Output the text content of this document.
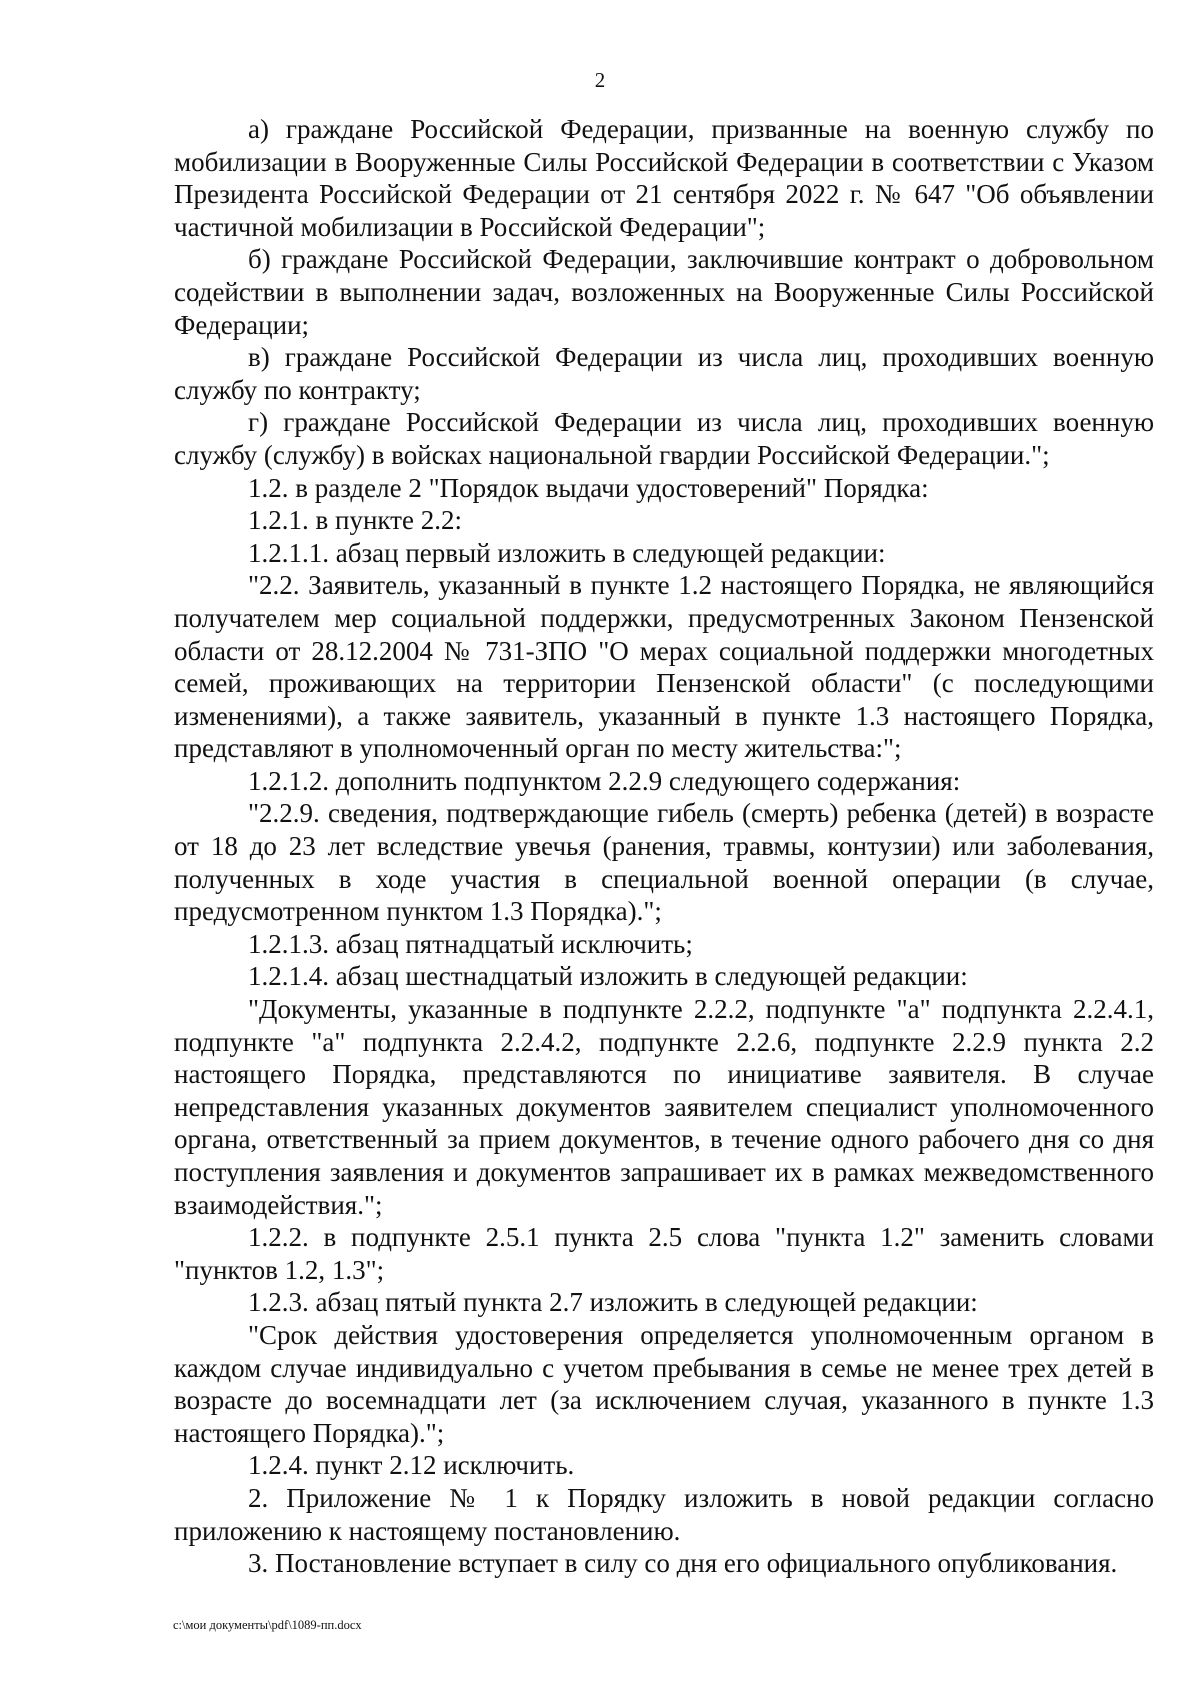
2

а) граждане Российской Федерации, призванные на военную службу по мобилизации в Вооруженные Силы Российской Федерации в соответствии с Указом Президента Российской Федерации от 21 сентября 2022 г. № 647 "Об объявлении частичной мобилизации в Российской Федерации";

б) граждане Российской Федерации, заключившие контракт о добровольном содействии в выполнении задач, возложенных на Вооруженные Силы Российской Федерации;

в) граждане Российской Федерации из числа лиц, проходивших военную службу по контракту;

г) граждане Российской Федерации из числа лиц, проходивших военную службу (службу) в войсках национальной гвардии Российской Федерации.";

1.2. в разделе 2 "Порядок выдачи удостоверений" Порядка:

1.2.1. в пункте 2.2:

1.2.1.1. абзац первый изложить в следующей редакции:

"2.2. Заявитель, указанный в пункте 1.2 настоящего Порядка, не являющийся получателем мер социальной поддержки, предусмотренных Законом Пензенской области от 28.12.2004 № 731-ЗПО "О мерах социальной поддержки многодетных семей, проживающих на территории Пензенской области" (с последующими изменениями), а также заявитель, указанный в пункте 1.3 настоящего Порядка, представляют в уполномоченный орган по месту жительства:";

1.2.1.2. дополнить подпунктом 2.2.9 следующего содержания:

"2.2.9. сведения, подтверждающие гибель (смерть) ребенка (детей) в возрасте от 18 до 23 лет вследствие увечья (ранения, травмы, контузии) или заболевания, полученных в ходе участия в специальной военной операции (в случае, предусмотренном пунктом 1.3 Порядка).";

1.2.1.3. абзац пятнадцатый исключить;

1.2.1.4. абзац шестнадцатый изложить в следующей редакции:

"Документы, указанные в подпункте 2.2.2, подпункте "а" подпункта 2.2.4.1, подпункте "а" подпункта 2.2.4.2, подпункте 2.2.6, подпункте 2.2.9 пункта 2.2 настоящего Порядка, представляются по инициативе заявителя. В случае непредставления указанных документов заявителем специалист уполномоченного органа, ответственный за прием документов, в течение одного рабочего дня со дня поступления заявления и документов запрашивает их в рамках межведомственного взаимодействия.";

1.2.2. в подпункте 2.5.1 пункта 2.5 слова "пункта 1.2" заменить словами "пунктов 1.2, 1.3";

1.2.3. абзац пятый пункта 2.7 изложить в следующей редакции:

"Срок действия удостоверения определяется уполномоченным органом в каждом случае индивидуально с учетом пребывания в семье не менее трех детей в возрасте до восемнадцати лет (за исключением случая, указанного в пункте 1.3 настоящего Порядка).";

1.2.4. пункт 2.12 исключить.

2. Приложение № 1 к Порядку изложить в новой редакции согласно приложению к настоящему постановлению.

3. Постановление вступает в силу со дня его официального опубликования.

c:\мои документы\pdf\1089-пп.docx
